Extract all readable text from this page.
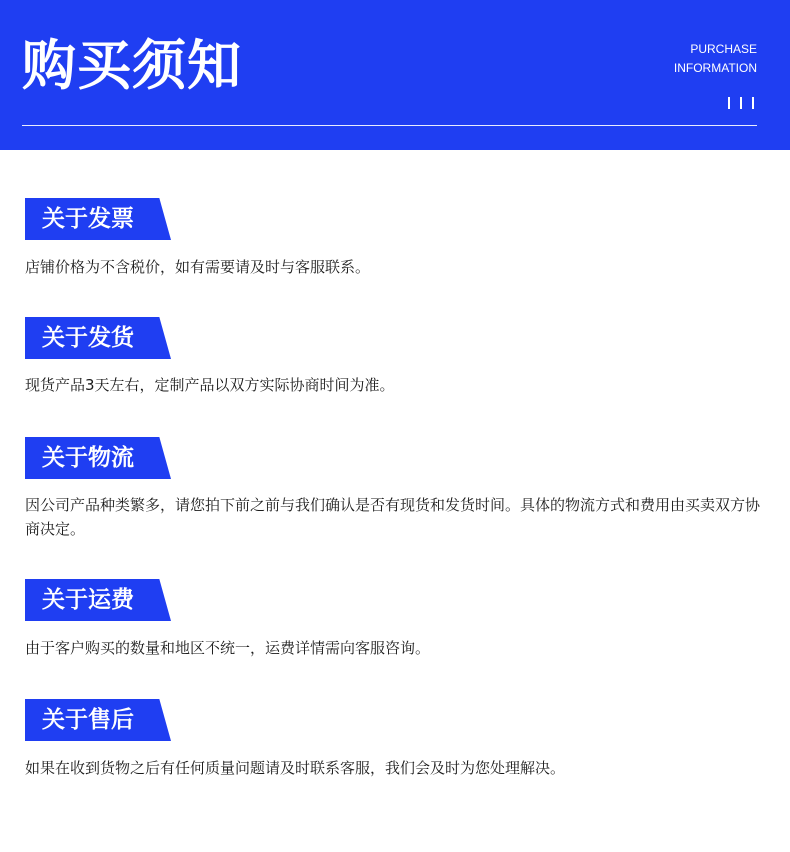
购买须知	PURCHASE
INFORMATION
关于发票
店铺价格为不含税价，如有需要请及时与客服联系。
关于发货
现货产品3天左右，定制产品以双方实际协商时间为准。
关于物流
因公司产品种类繁多，请您拍下前之前与我们确认是否有现货和发货时间。具体的物流方式和费用由买卖双方协商决定。
关于运费
由于客户购买的数量和地区不统一，运费详情需向客服咨询。
关于售后
如果在收到货物之后有任何质量问题请及时联系客服，我们会及时为您处理解决。
